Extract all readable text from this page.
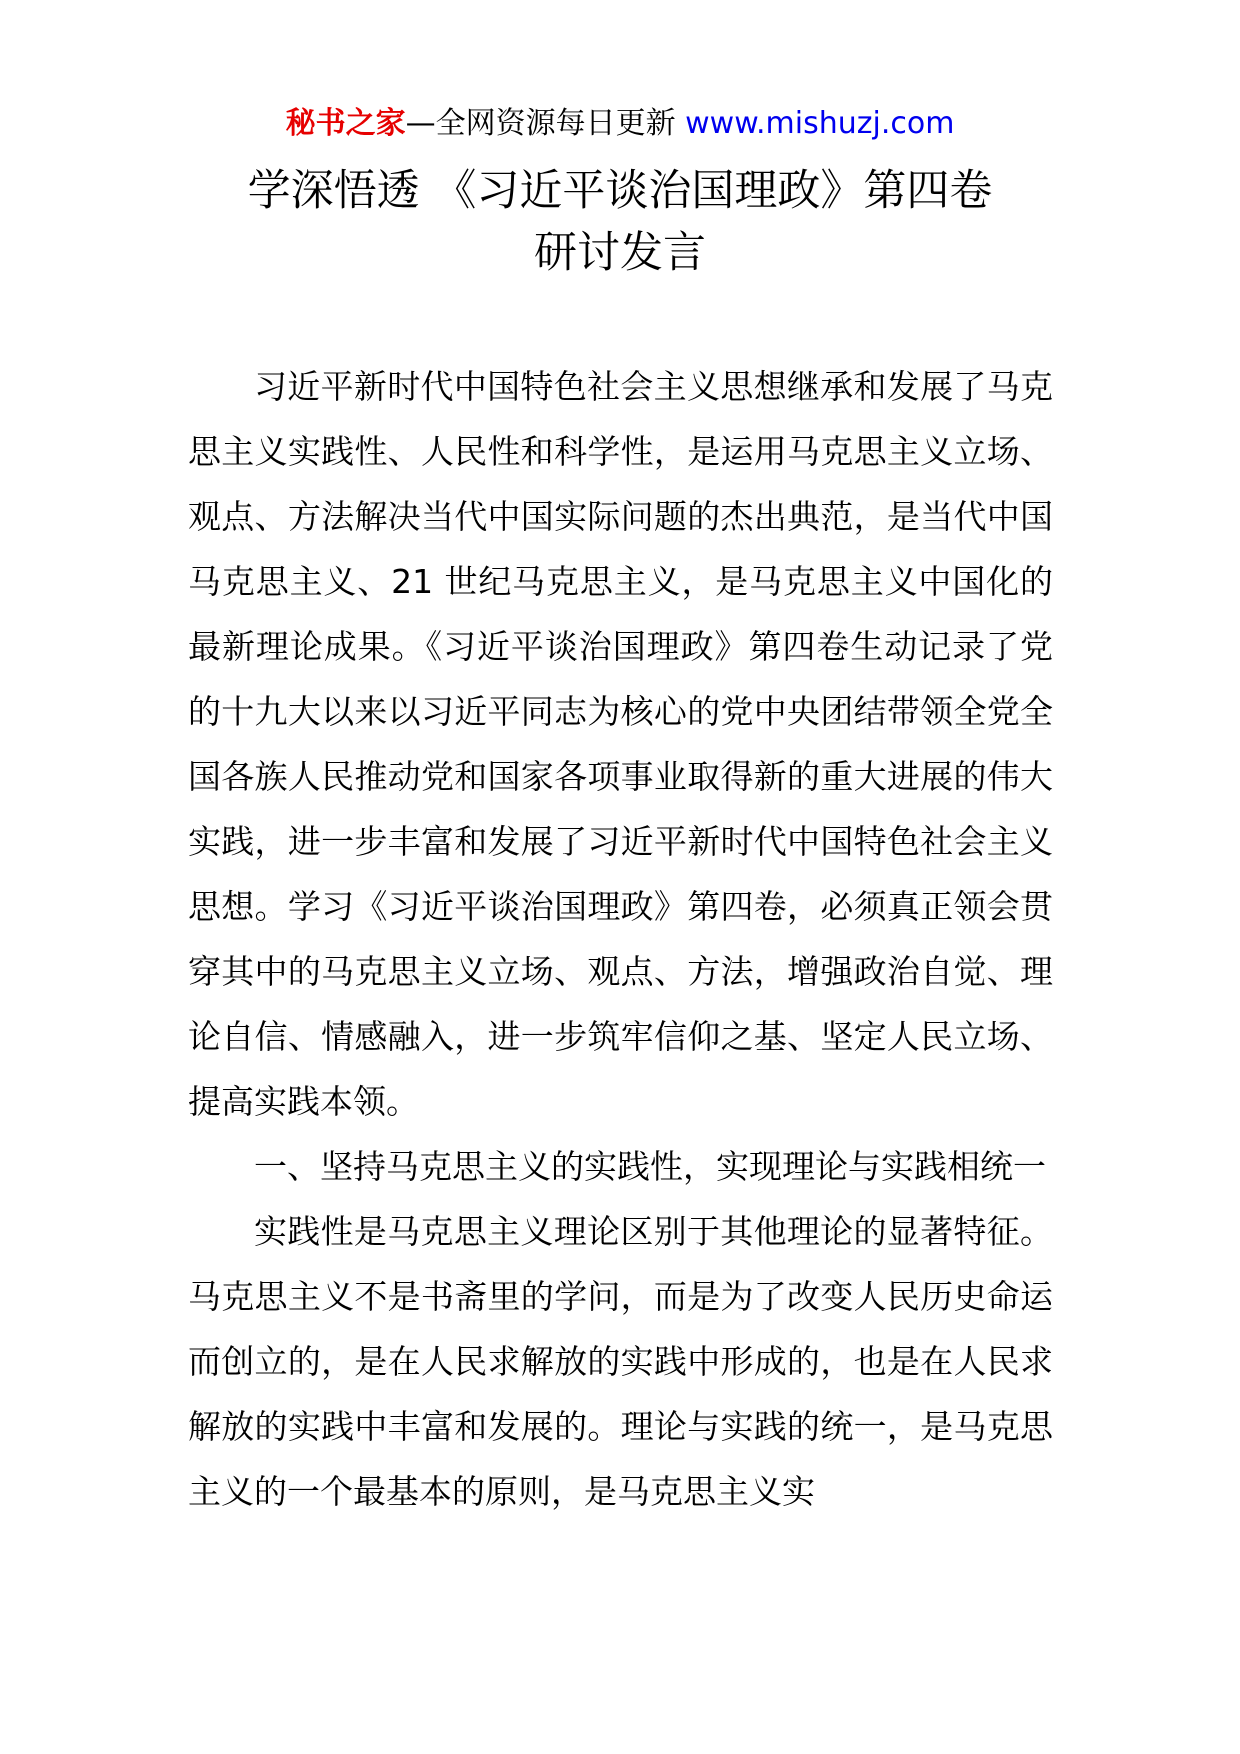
秘书之家—全网资源每日更新 www.mishuzj.com
学深悟透 《习近平谈治国理政》第四卷
研讨发言

习近平新时代中国特色社会主义思想继承和发展了马克思主义实践性、人民性和科学性，是运用马克思主义立场、观点、方法解决当代中国实际问题的杰出典范，是当代中国马克思主义、21 世纪马克思主义，是马克思主义中国化的最新理论成果。《习近平谈治国理政》第四卷生动记录了党的十九大以来以习近平同志为核心的党中央团结带领全党全国各族人民推动党和国家各项事业取得新的重大进展的伟大实践，进一步丰富和发展了习近平新时代中国特色社会主义思想。学习《习近平谈治国理政》第四卷，必须真正领会贯穿其中的马克思主义立场、观点、方法，增强政治自觉、理论自信、情感融入，进一步筑牢信仰之基、坚定人民立场、提高实践本领。

一、坚持马克思主义的实践性，实现理论与实践相统一

实践性是马克思主义理论区别于其他理论的显著特征。马克思主义不是书斋里的学问，而是为了改变人民历史命运而创立的，是在人民求解放的实践中形成的，也是在人民求解放的实践中丰富和发展的。理论与实践的统一，是马克思主义的一个最基本的原则，是马克思主义实
